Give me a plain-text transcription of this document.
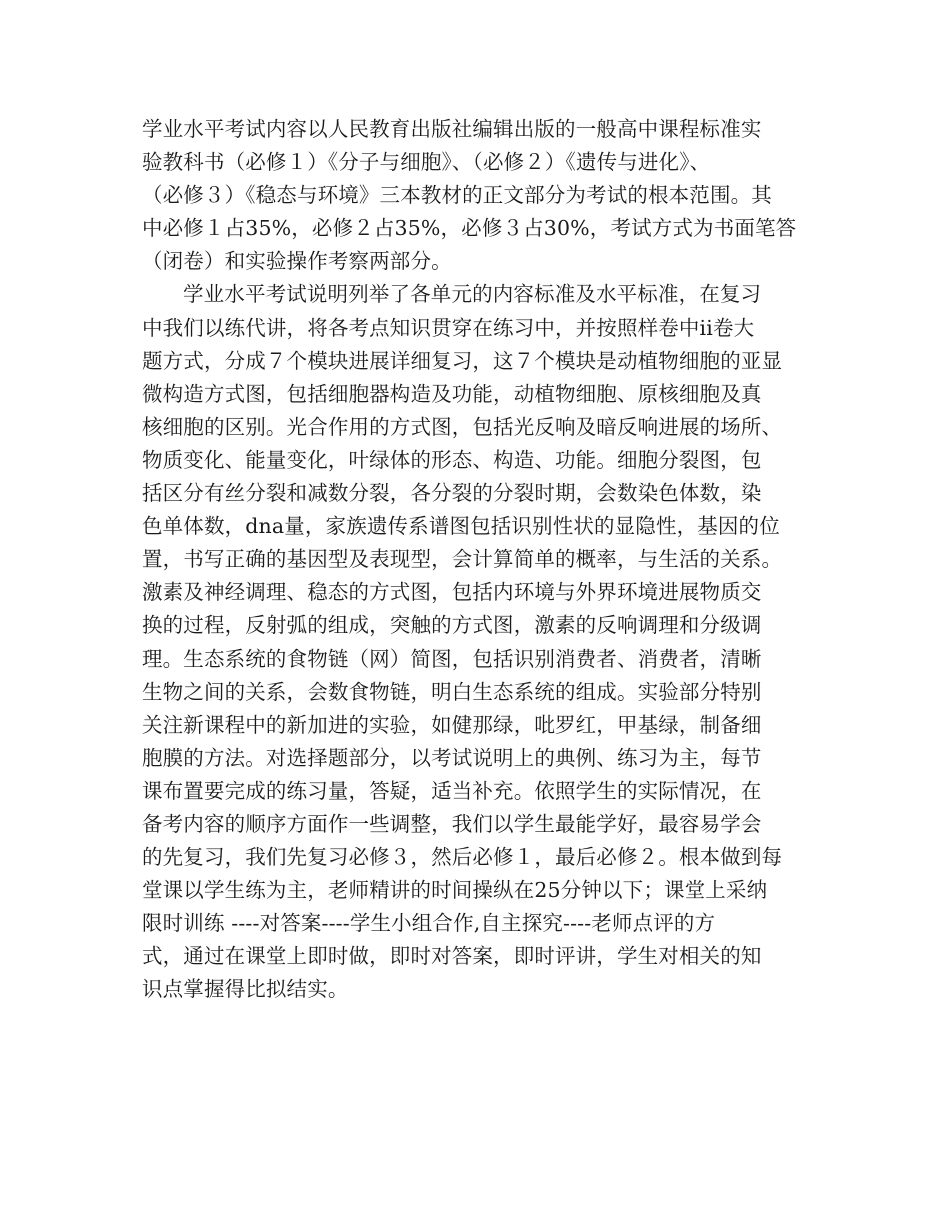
学业水平考试内容以人民教育出版社编辑出版的一般高中课程标准实
验教科书（必修１）《分子与细胞》、（必修２）《遗传与进化》、
（必修３）《稳态与环境》三本教材的正文部分为考试的根本范围。其
中必修１占35%，必修２占35%，必修３占30%，考试方式为书面笔答
（闭卷）和实验操作考察两部分。
学业水平考试说明列举了各单元的内容标准及水平标准，在复习
中我们以练代讲，将各考点知识贯穿在练习中，并按照样卷中ii卷大
题方式，分成７个模块进展详细复习，这７个模块是动植物细胞的亚显
微构造方式图，包括细胞器构造及功能，动植物细胞、原核细胞及真
核细胞的区别。光合作用的方式图，包括光反响及暗反响进展的场所、
物质变化、能量变化，叶绿体的形态、构造、功能。细胞分裂图，包
括区分有丝分裂和减数分裂，各分裂的分裂时期，会数染色体数，染
色单体数，dna量，家族遗传系谱图包括识别性状的显隐性，基因的位
置，书写正确的基因型及表现型，会计算简单的概率，与生活的关系。
激素及神经调理、稳态的方式图，包括内环境与外界环境进展物质交
换的过程，反射弧的组成，突触的方式图，激素的反响调理和分级调
理。生态系统的食物链（网）简图，包括识别消费者、消费者，清晰
生物之间的关系，会数食物链，明白生态系统的组成。实验部分特别
关注新课程中的新加进的实验，如健那绿，吡罗红，甲基绿，制备细
胞膜的方法。对选择题部分，以考试说明上的典例、练习为主，每节
课布置要完成的练习量，答疑，适当补充。依照学生的实际情况，在
备考内容的顺序方面作一些调整，我们以学生最能学好，最容易学会
的先复习，我们先复习必修３，然后必修１，最后必修２。根本做到每
堂课以学生练为主，老师精讲的时间操纵在25分钟以下；课堂上采纳
限时训练 ----对答案----学生小组合作,自主探究----老师点评的方
式，通过在课堂上即时做，即时对答案，即时评讲，学生对相关的知
识点掌握得比拟结实。
